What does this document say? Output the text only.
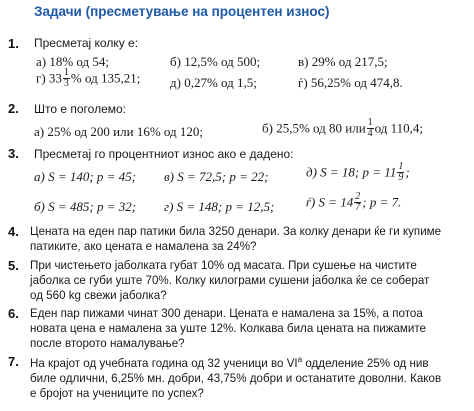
Задачи (пресметување на процентен износ)
1. Пресметај колку е:
а) 18% од 54;	б) 12,5% од 500;	в) 29% од 217,5;
г) $33 \frac{1}{3}$ % од 135,21; д) 0,27% од 1,5;	ѓ) 56,25% од 474,8.
2. Што е поголемо:
а) 25% од 200 или 16% од 120;	б) 25,5% од 80 или $\frac{1}{4}$ од 110,4;
3. Пресметај го процентниот износ ако е дадено:
а) S = 140; p = 45; в) S = 72,5; p = 22;	д) S = 18; $p = 11 \frac{1}{9}$ ;
б) S = 485; p = 32; г) S = 148; p = 12,5; ѓ) $S = 14 \frac{2}{7}$ ; p = 7.
4. Цената на еден пар патики била 3250 денари. За колку денари ќе ги купиме
патиките, ако цената е намалена за 24%?
5. При чистењето јаболката губат 10% од масата. При сушење на чистите
јаболка се губи уште 70%. Колку килограми сушени јаболка ќе се соберат
од 560 kg свежи јаболка?
6. Еден пар пижами чинат 300 денари. Цената е намалена за 15%, а потоа
новата цена е намалена за уште 12%. Колкава била цената на пижамите
после второто намалување?
7. На крајот од учебната година од 32 ученици во $VI^а$ одделение 25% од нив
биле одлични, 6,25% мн. добри, 43,75% добри и останатите доволни. Каков
е бројот на учениците по успех?
